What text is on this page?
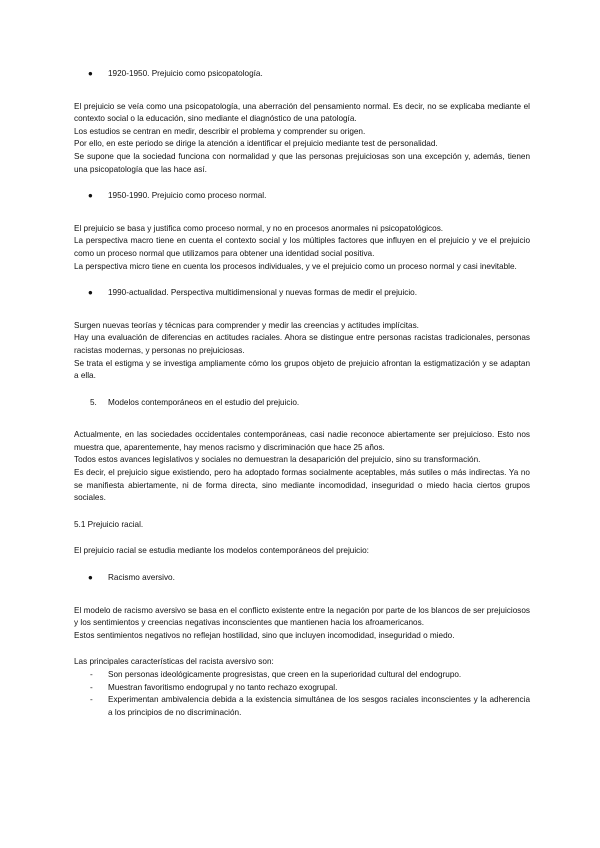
● 1920-1950. Prejuicio como psicopatología.

El prejuicio se veía como una psicopatología, una aberración del pensamiento normal. Es decir, no se explicaba mediante el contexto social o la educación, sino mediante el diagnóstico de una patología.

Los estudios se centran en medir, describir el problema y comprender su origen.

Por ello, en este periodo se dirige la atención a identificar el prejuicio mediante test de personalidad.

Se supone que la sociedad funciona con normalidad y que las personas prejuiciosas son una excepción y, además, tienen una psicopatología que las hace así.

● 1950-1990. Prejuicio como proceso normal.

El prejuicio se basa y justifica como proceso normal, y no en procesos anormales ni psicopatológicos.

La perspectiva macro tiene en cuenta el contexto social y los múltiples factores que influyen en el prejuicio y ve el prejuicio como un proceso normal que utilizamos para obtener una identidad social positiva.

La perspectiva micro tiene en cuenta los procesos individuales, y ve el prejuicio como un proceso normal y casi inevitable.

● 1990-actualidad. Perspectiva multidimensional y nuevas formas de medir el prejuicio.

Surgen nuevas teorías y técnicas para comprender y medir las creencias y actitudes implícitas.

Hay una evaluación de diferencias en actitudes raciales. Ahora se distingue entre personas racistas tradicionales, personas racistas modernas, y personas no prejuiciosas.

Se trata el estigma y se investiga ampliamente cómo los grupos objeto de prejuicio afrontan la estigmatización y se adaptan a ella.

5. Modelos contemporáneos en el estudio del prejuicio.

Actualmente, en las sociedades occidentales contemporáneas, casi nadie reconoce abiertamente ser prejuicioso. Esto nos muestra que, aparentemente, hay menos racismo y discriminación que hace 25 años.

Todos estos avances legislativos y sociales no demuestran la desaparición del prejuicio, sino su transformación.

Es decir, el prejuicio sigue existiendo, pero ha adoptado formas socialmente aceptables, más sutiles o más indirectas. Ya no se manifiesta abiertamente, ni de forma directa, sino mediante incomodidad, inseguridad o miedo hacia ciertos grupos sociales.

5.1 Prejuicio racial.

El prejuicio racial se estudia mediante los modelos contemporáneos del prejuicio:

● Racismo aversivo.

El modelo de racismo aversivo se basa en el conflicto existente entre la negación por parte de los blancos de ser prejuiciosos y los sentimientos y creencias negativas inconscientes que mantienen hacia los afroamericanos.

Estos sentimientos negativos no reflejan hostilidad, sino que incluyen incomodidad, inseguridad o miedo.

Las principales características del racista aversivo son:

- Son personas ideológicamente progresistas, que creen en la superioridad cultural del endogrupo.
- Muestran favoritismo endogrupal y no tanto rechazo exogrupal.
- Experimentan ambivalencia debida a la existencia simultánea de los sesgos raciales inconscientes y la adherencia a los principios de no discriminación.
